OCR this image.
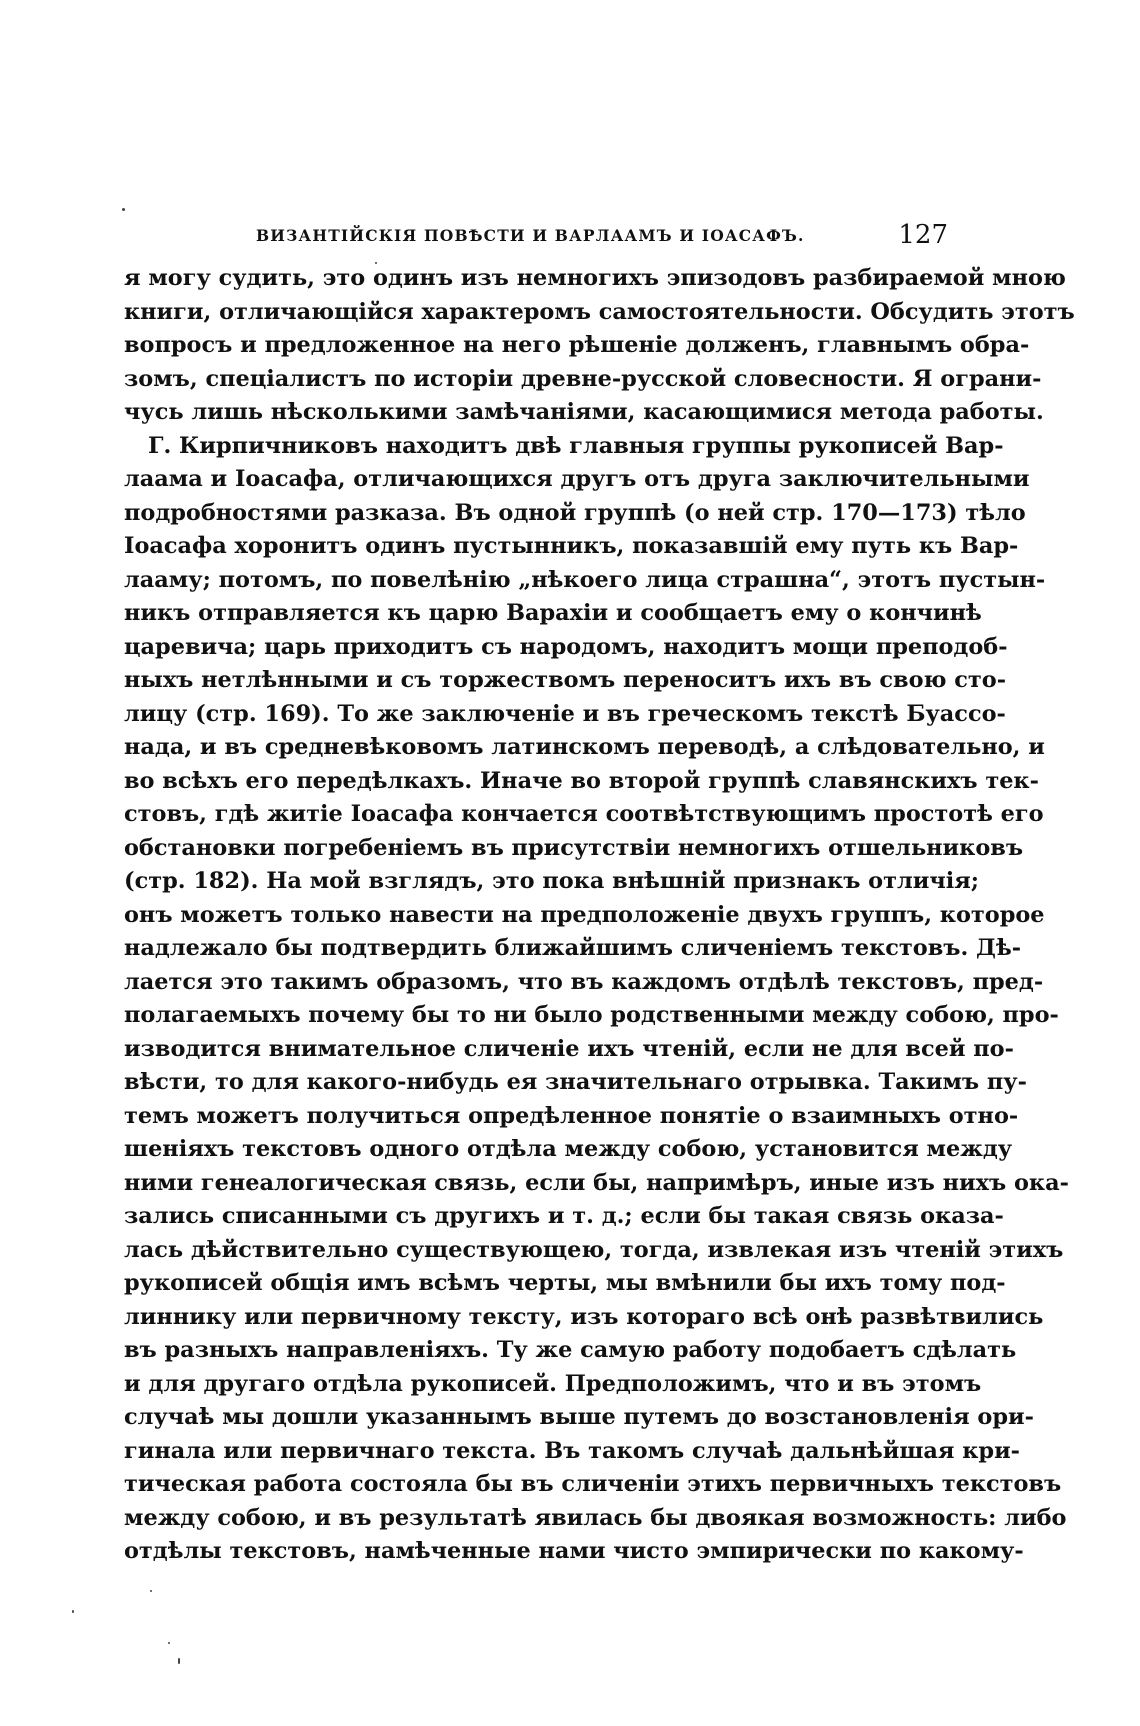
ВИЗАНТІЙСКІЯ ПОВѢСТИ И ВАРЛААМЪ И ІОАСАФЪ.	127
я могу судить, это одинъ изъ немногихъ эпизодовъ разбираемой мною
книги, отличающійся характеромъ самостоятельности. Обсудить этотъ
вопросъ и предложенное на него рѣшеніе долженъ, главнымъ обра-
зомъ, спеціалистъ по исторіи древне-русской словесности. Я ограни-
чусь лишь нѣсколькими замѣчаніями, касающимися метода работы.
Г. Кирпичниковъ находитъ двѣ главныя группы рукописей Вар-
лаама и Іоасафа, отличающихся другъ отъ друга заключительными
подробностями разказа. Въ одной группѣ (о ней стр. 170—173) тѣло
Іоасафа хоронитъ одинъ пустынникъ, показавшій ему путь къ Вар-
лааму; потомъ, по повелѣнію „нѣкоего лица страшна“, этотъ пустын-
никъ отправляется къ царю Варахіи и сообщаетъ ему о кончинѣ
царевича; царь приходитъ съ народомъ, находитъ мощи преподоб-
ныхъ нетлѣнными и съ торжествомъ переноситъ ихъ въ свою сто-
лицу (стр. 169). То же заключеніе и въ греческомъ текстѣ Буассо-
нада, и въ средневѣковомъ латинскомъ переводѣ, а слѣдовательно, и
во всѣхъ его передѣлкахъ. Иначе во второй группѣ славянскихъ тек-
стовъ, гдѣ житіе Іоасафа кончается соотвѣтствующимъ простотѣ его
обстановки погребеніемъ въ присутствіи немногихъ отшельниковъ
(стр. 182). На мой взглядъ, это пока внѣшній признакъ отличія;
онъ можетъ только навести на предположеніе двухъ группъ, которое
надлежало бы подтвердить ближайшимъ сличеніемъ текстовъ. Дѣ-
лается это такимъ образомъ, что въ каждомъ отдѣлѣ текстовъ, пред-
полагаемыхъ почему бы то ни было родственными между собою, про-
изводится внимательное сличеніе ихъ чтеній, если не для всей по-
вѣсти, то для какого-нибудь ея значительнаго отрывка. Такимъ пу-
темъ можетъ получиться опредѣленное понятіе о взаимныхъ отно-
шеніяхъ текстовъ одного отдѣла между собою, установится между
ними генеалогическая связь, если бы, напримѣръ, иные изъ нихъ ока-
зались списанными съ другихъ и т. д.; если бы такая связь оказа-
лась дѣйствительно существующею, тогда, извлекая изъ чтеній этихъ
рукописей общія имъ всѣмъ черты, мы вмѣнили бы ихъ тому под-
линнику или первичному тексту, изъ котораго всѣ онѣ развѣтвились
въ разныхъ направленіяхъ. Ту же самую работу подобаетъ сдѣлать
и для другаго отдѣла рукописей. Предположимъ, что и въ этомъ
случаѣ мы дошли указаннымъ выше путемъ до возстановленія ори-
гинала или первичнаго текста. Въ такомъ случаѣ дальнѣйшая кри-
тическая работа состояла бы въ сличеніи этихъ первичныхъ текстовъ
между собою, и въ результатѣ явилась бы двоякая возможность: либо
отдѣлы текстовъ, намѣченные нами чисто эмпирически по какому-
